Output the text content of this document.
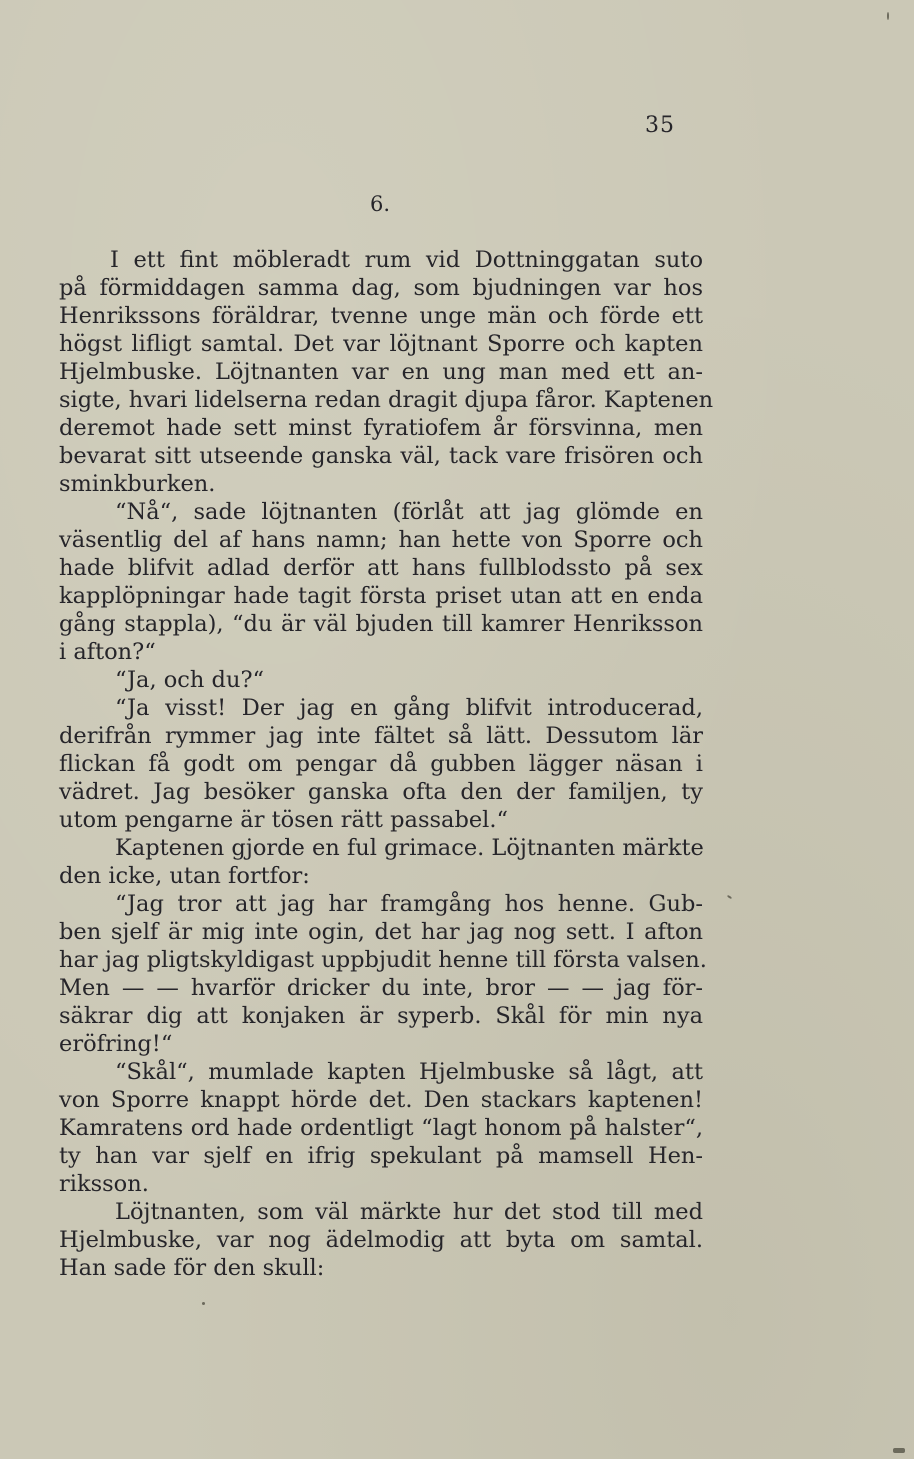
35
6.
I ett fint möbleradt rum vid Dottninggatan suto
på förmiddagen samma dag, som bjudningen var hos
Henrikssons föräldrar, tvenne unge män och förde ett
högst lifligt samtal. Det var löjtnant Sporre och kapten
Hjelmbuske. Löjtnanten var en ung man med ett an-
sigte, hvari lidelserna redan dragit djupa fåror. Kaptenen
deremot hade sett minst fyratiofem år försvinna, men
bevarat sitt utseende ganska väl, tack vare frisören och
sminkburken.
“Nå“, sade löjtnanten (förlåt att jag glömde en
väsentlig del af hans namn; han hette von Sporre och
hade blifvit adlad derför att hans fullblodssto på sex
kapplöpningar hade tagit första priset utan att en enda
gång stappla), “du är väl bjuden till kamrer Henriksson
i afton?“
“Ja, och du?“
“Ja visst! Der jag en gång blifvit introducerad,
derifrån rymmer jag inte fältet så lätt. Dessutom lär
flickan få godt om pengar då gubben lägger näsan i
vädret. Jag besöker ganska ofta den der familjen, ty
utom pengarne är tösen rätt passabel.“
Kaptenen gjorde en ful grimace. Löjtnanten märkte
den icke, utan fortfor:
“Jag tror att jag har framgång hos henne. Gub-
ben sjelf är mig inte ogin, det har jag nog sett. I afton
har jag pligtskyldigast uppbjudit henne till första valsen.
Men — — hvarför dricker du inte, bror — — jag för-
säkrar dig att konjaken är syperb. Skål för min nya
eröfring!“
“Skål“, mumlade kapten Hjelmbuske så lågt, att
von Sporre knappt hörde det. Den stackars kaptenen!
Kamratens ord hade ordentligt “lagt honom på halster“,
ty han var sjelf en ifrig spekulant på mamsell Hen-
riksson.
Löjtnanten, som väl märkte hur det stod till med
Hjelmbuske, var nog ädelmodig att byta om samtal.
Han sade för den skull:
